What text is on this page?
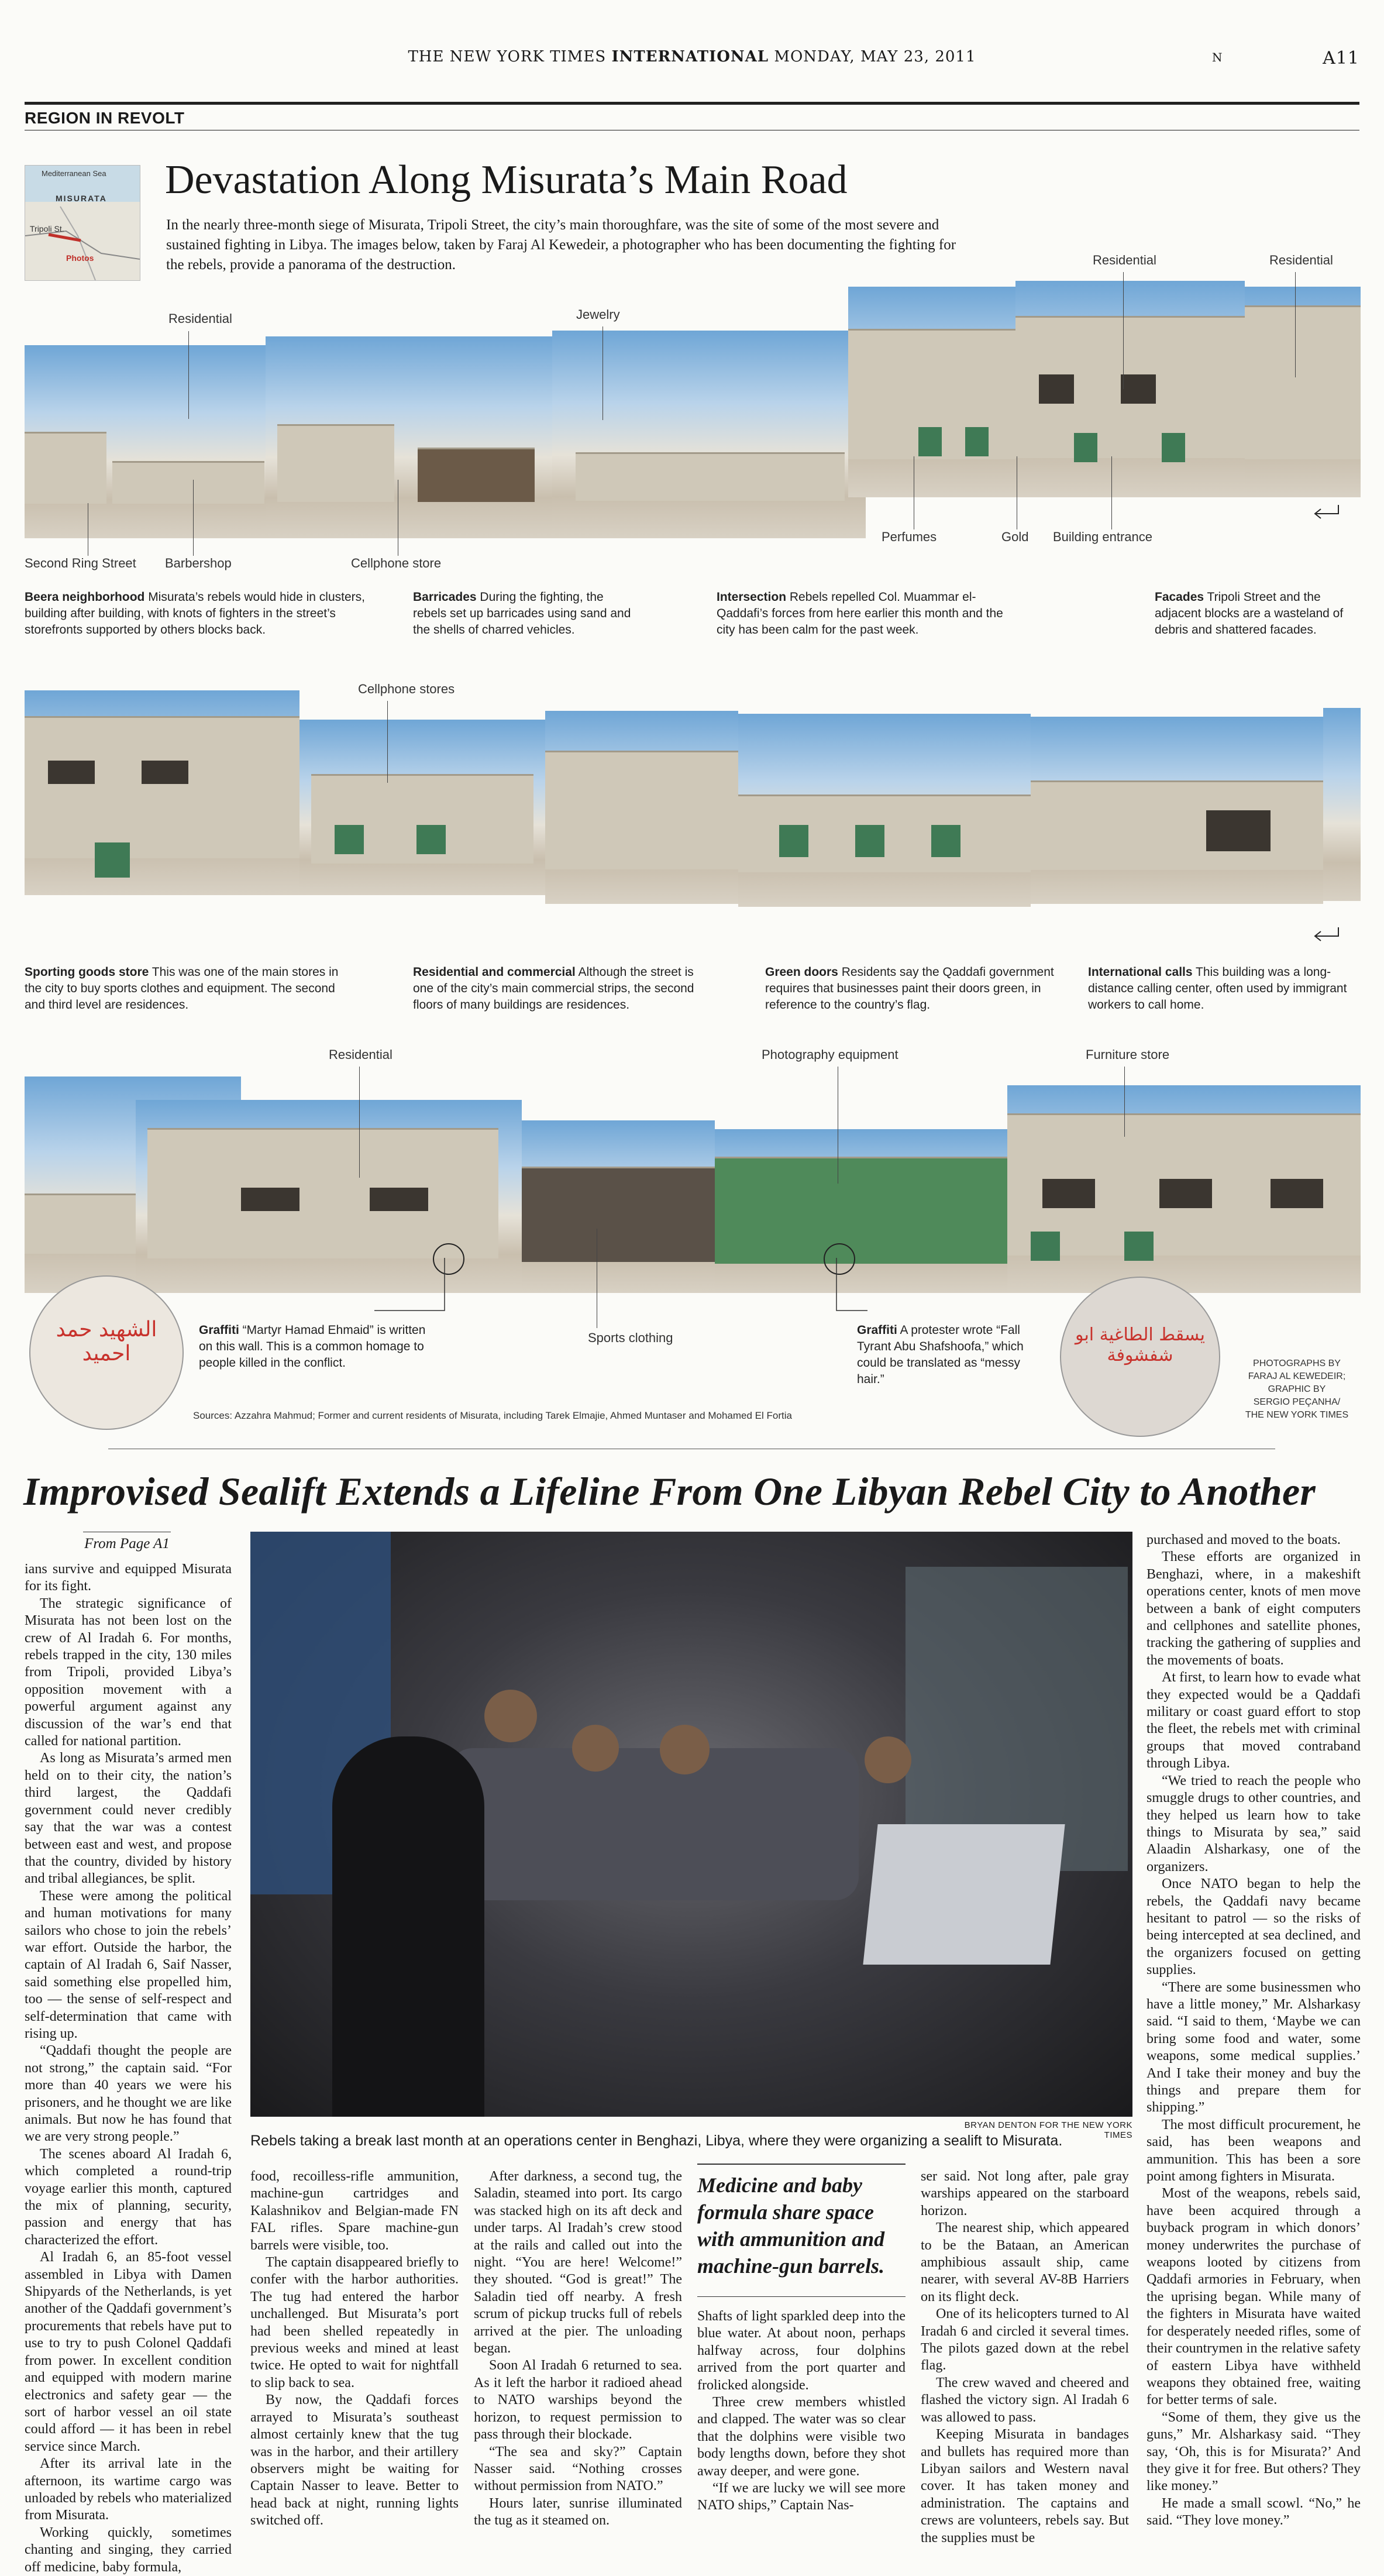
THE NEW YORK TIMES INTERNATIONAL MONDAY, MAY 23, 2011	N	A11
REGION IN REVOLT
Mediterranean Sea
MISURATA
Tripoli St.
Photos
Devastation Along Misurata’s Main Road
In the nearly three-month siege of Misurata, Tripoli Street, the city’s main thoroughfare, was the site of some of the most severe and sustained fighting in Libya. The images below, taken by Faraj Al Kewedeir, a photographer who has been documenting the fighting for the rebels, provide a panorama of the destruction.
Residential	Jewelry
Residential	Residential
Second Ring Street Barbershop	Cellphone store
Perfumes	Gold Building entrance
Beera neighborhood Misurata’s rebels would hide in clusters, building after building, with knots of fighters in the street’s storefronts supported by others blocks back.
Barricades During the fighting, the rebels set up barricades using sand and the shells of charred vehicles.
Intersection Rebels repelled Col. Muammar el-Qaddafi’s forces from here earlier this month and the city has been calm for the past week.
Facades Tripoli Street and the adjacent blocks are a wasteland of debris and shattered facades.
Cellphone stores
Sporting goods store This was one of the main stores in the city to buy sports clothes and equipment. The second and third level are residences.
Residential and commercial Although the street is one of the city’s main commercial strips, the second floors of many buildings are residences.
Green doors Residents say the Qaddafi government requires that businesses paint their doors green, in reference to the country’s flag.
International calls This building was a long-distance calling center, often used by immigrant workers to call home.
Residential	Photography equipment	Furniture store
Sports clothing
الشهيد حمد احميد
يسقط الطاغية ابو شفشوفة
Graffiti “Martyr Hamad Ehmaid” is written on this wall. This is a common homage to people killed in the conflict.
Graffiti A protester wrote “Fall Tyrant Abu Shafshoofa,” which could be translated as “messy hair.”
Sources: Azzahra Mahmud; Former and current residents of Misurata, including Tarek Elmajie, Ahmed Muntaser and Mohamed El Fortia
PHOTOGRAPHS BY
FARAJ AL KEWEDEIR;
GRAPHIC BY
SERGIO PEÇANHA/
THE NEW YORK TIMES
Improvised Sealift Extends a Lifeline From One Libyan Rebel City to Another
From Page A1

ians survive and equipped Misurata for its fight.

The strategic significance of Misurata has not been lost on the crew of Al Iradah 6. For months, rebels trapped in the city, 130 miles from Tripoli, provided Libya’s opposition movement with a powerful argument against any discussion of the war’s end that called for national partition.

As long as Misurata’s armed men held on to their city, the nation’s third largest, the Qaddafi government could never credibly say that the war was a contest between east and west, and propose that the country, divided by history and tribal allegiances, be split.

These were among the political and human motivations for many sailors who chose to join the rebels’ war effort. Outside the harbor, the captain of Al Iradah 6, Saif Nasser, said something else propelled him, too — the sense of self-respect and self-determination that came with rising up.

“Qaddafi thought the people are not strong,” the captain said. “For more than 40 years we were his prisoners, and he thought we are like animals. But now he has found that we are very strong people.”

The scenes aboard Al Iradah 6, which completed a round-trip voyage earlier this month, captured the mix of planning, security, passion and energy that has characterized the effort.

Al Iradah 6, an 85-foot vessel assembled in Libya with Damen Shipyards of the Netherlands, is yet another of the Qaddafi government’s procurements that rebels have put to use to try to push Colonel Qaddafi from power. In excellent condition and equipped with modern marine electronics and safety gear — the sort of harbor vessel an oil state could afford — it has been in rebel service since March.

After its arrival late in the afternoon, its wartime cargo was unloaded by rebels who materialized from Misurata.

Working quickly, sometimes chanting and singing, they carried off medicine, baby formula,

BRYAN DENTON FOR THE NEW YORK TIMES
Rebels taking a break last month at an operations center in Benghazi, Libya, where they were organizing a sealift to Misurata.

food, recoilless-rifle ammunition, machine-gun cartridges and Kalashnikov and Belgian-made FN FAL rifles. Spare machine-gun barrels were visible, too.

The captain disappeared briefly to confer with the harbor authorities. The tug had entered the harbor unchallenged. But Misurata’s port had been shelled repeatedly in previous weeks and mined at least twice. He opted to wait for nightfall to slip back to sea.

By now, the Qaddafi forces arrayed to Misurata’s southeast almost certainly knew that the tug was in the harbor, and their artillery observers might be waiting for Captain Nasser to leave. Better to head back at night, running lights switched off.

After darkness, a second tug, the Saladin, steamed into port. Its cargo was stacked high on its aft deck and under tarps. Al Iradah’s crew stood at the rails and called out into the night. “You are here! Welcome!” they shouted. “God is great!” The Saladin tied off nearby. A fresh scrum of pickup trucks full of rebels arrived at the pier. The unloading began.

Soon Al Iradah 6 returned to sea. As it left the harbor it radioed ahead to NATO warships beyond the horizon, to request permission to pass through their blockade.

“The sea and sky?” Captain Nasser said. “Nothing crosses without permission from NATO.”

Hours later, sunrise illuminated the tug as it steamed on.

Medicine and baby formula share space with ammunition and machine-gun barrels.

Shafts of light sparkled deep into the blue water. At about noon, perhaps halfway across, four dolphins arrived from the port quarter and frolicked alongside.

Three crew members whistled and clapped. The water was so clear that the dolphins were visible two body lengths down, before they shot away deeper, and were gone.

“If we are lucky we will see more NATO ships,” Captain Nas-

ser said. Not long after, pale gray warships appeared on the starboard horizon.

The nearest ship, which appeared to be the Bataan, an American amphibious assault ship, came nearer, with several AV-8B Harriers on its flight deck.

One of its helicopters turned to Al Iradah 6 and circled it several times. The pilots gazed down at the rebel flag.

The crew waved and cheered and flashed the victory sign. Al Iradah 6 was allowed to pass.

Keeping Misurata in bandages and bullets has required more than Libyan sailors and Western naval cover. It has taken money and administration. The captains and crews are volunteers, rebels say. But the supplies must be

purchased and moved to the boats.

These efforts are organized in Benghazi, where, in a makeshift operations center, knots of men move between a bank of eight computers and cellphones and satellite phones, tracking the gathering of supplies and the movements of boats.

At first, to learn how to evade what they expected would be a Qaddafi military or coast guard effort to stop the fleet, the rebels met with criminal groups that moved contraband through Libya.

“We tried to reach the people who smuggle drugs to other countries, and they helped us learn how to take things to Misurata by sea,” said Alaadin Alsharkasy, one of the organizers.

Once NATO began to help the rebels, the Qaddafi navy became hesitant to patrol — so the risks of being intercepted at sea declined, and the organizers focused on getting supplies.

“There are some businessmen who have a little money,” Mr. Alsharkasy said. “I said to them, ‘Maybe we can bring some food and water, some weapons, some medical supplies.’ And I take their money and buy the things and prepare them for shipping.”

The most difficult procurement, he said, has been weapons and ammunition. This has been a sore point among fighters in Misurata.

Most of the weapons, rebels said, have been acquired through a buyback program in which donors’ money underwrites the purchase of weapons looted by citizens from Qaddafi armories in February, when the uprising began. While many of the fighters in Misurata have waited for desperately needed rifles, some of their countrymen in the relative safety of eastern Libya have withheld weapons they obtained free, waiting for better terms of sale.

“Some of them, they give us the guns,” Mr. Alsharkasy said. “They say, ‘Oh, this is for Misurata?’ And they give it for free. But others? They like money.”

He made a small scowl. “No,” he said. “They love money.”
